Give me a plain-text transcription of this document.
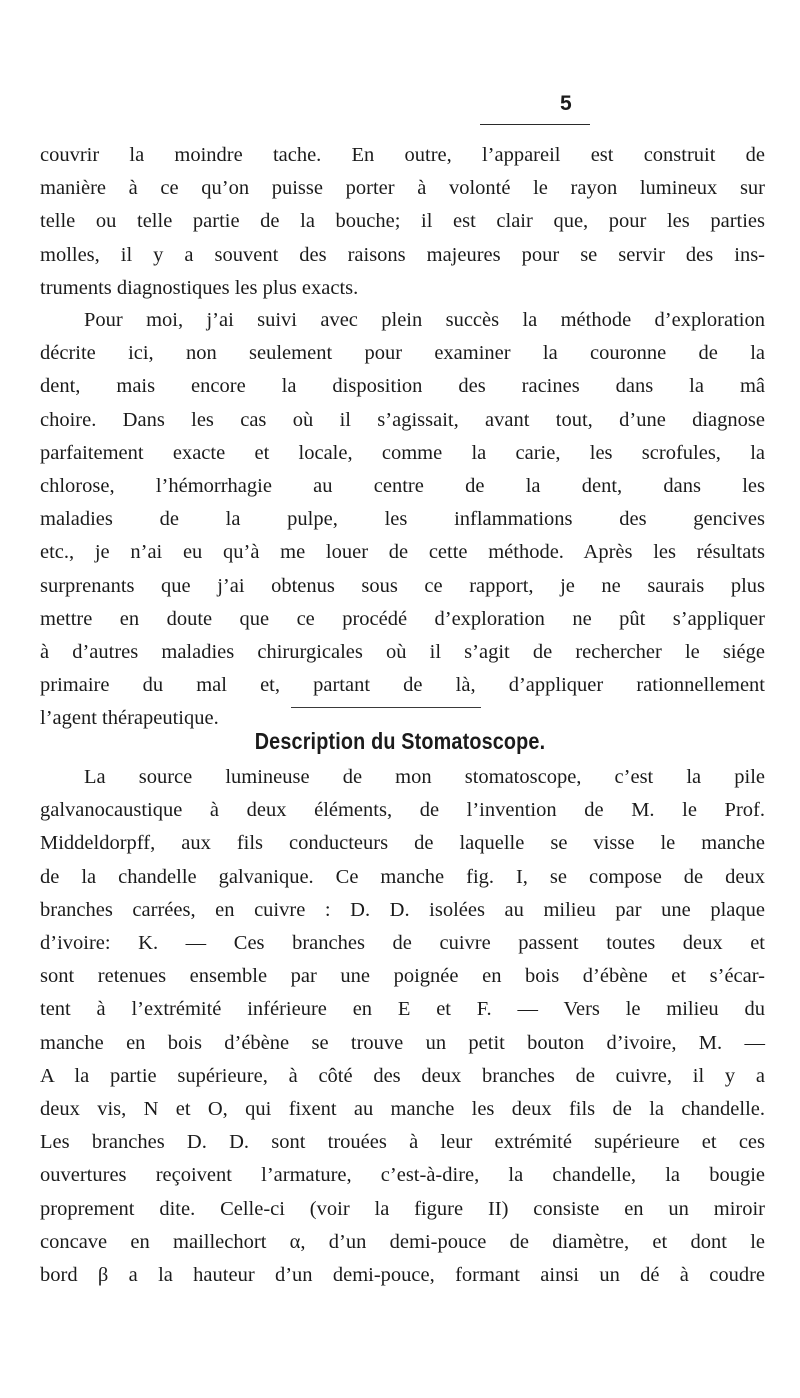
5
couvrir la moindre tache. En outre, l’appareil est construit de
manière à ce qu’on puisse porter à volonté le rayon lumineux sur
telle ou telle partie de la bouche; il est clair que, pour les parties
molles, il y a souvent des raisons majeures pour se servir des ins-
truments diagnostiques les plus exacts.
Pour moi, j’ai suivi avec plein succès la méthode d’exploration
décrite ici, non seulement pour examiner la couronne de la
dent, mais encore la disposition des racines dans la mâ
choire. Dans les cas où il s’agissait, avant tout, d’une diagnose
parfaitement exacte et locale, comme la carie, les scrofules, la
chlorose, l’hémorrhagie au centre de la dent, dans les
maladies de la pulpe, les inflammations des gencives
etc., je n’ai eu qu’à me louer de cette méthode. Après les résultats
surprenants que j’ai obtenus sous ce rapport, je ne saurais plus
mettre en doute que ce procédé d’exploration ne pût s’appliquer
à d’autres maladies chirurgicales où il s’agit de rechercher le siége
primaire du mal et, partant de là, d’appliquer rationnellement
l’agent thérapeutique.
Description du Stomatoscope.
La source lumineuse de mon stomatoscope, c’est la pile
galvanocaustique à deux éléments, de l’invention de M. le Prof.
Middeldorpff, aux fils conducteurs de laquelle se visse le manche
de la chandelle galvanique. Ce manche fig. I, se compose de deux
branches carrées, en cuivre : D. D. isolées au milieu par une plaque
d’ivoire: K. — Ces branches de cuivre passent toutes deux et
sont retenues ensemble par une poignée en bois d’ébène et s’écar-
tent à l’extrémité inférieure en E et F. — Vers le milieu du
manche en bois d’ébène se trouve un petit bouton d’ivoire, M. —
A la partie supérieure, à côté des deux branches de cuivre, il y a
deux vis, N et O, qui fixent au manche les deux fils de la chandelle.
Les branches D. D. sont trouées à leur extrémité supérieure et ces
ouvertures reçoivent l’armature, c’est-à-dire, la chandelle, la bougie
proprement dite. Celle-ci (voir la figure II) consiste en un miroir
concave en maillechort α, d’un demi-pouce de diamètre, et dont le
bord β a la hauteur d’un demi-pouce, formant ainsi un dé à coudre
